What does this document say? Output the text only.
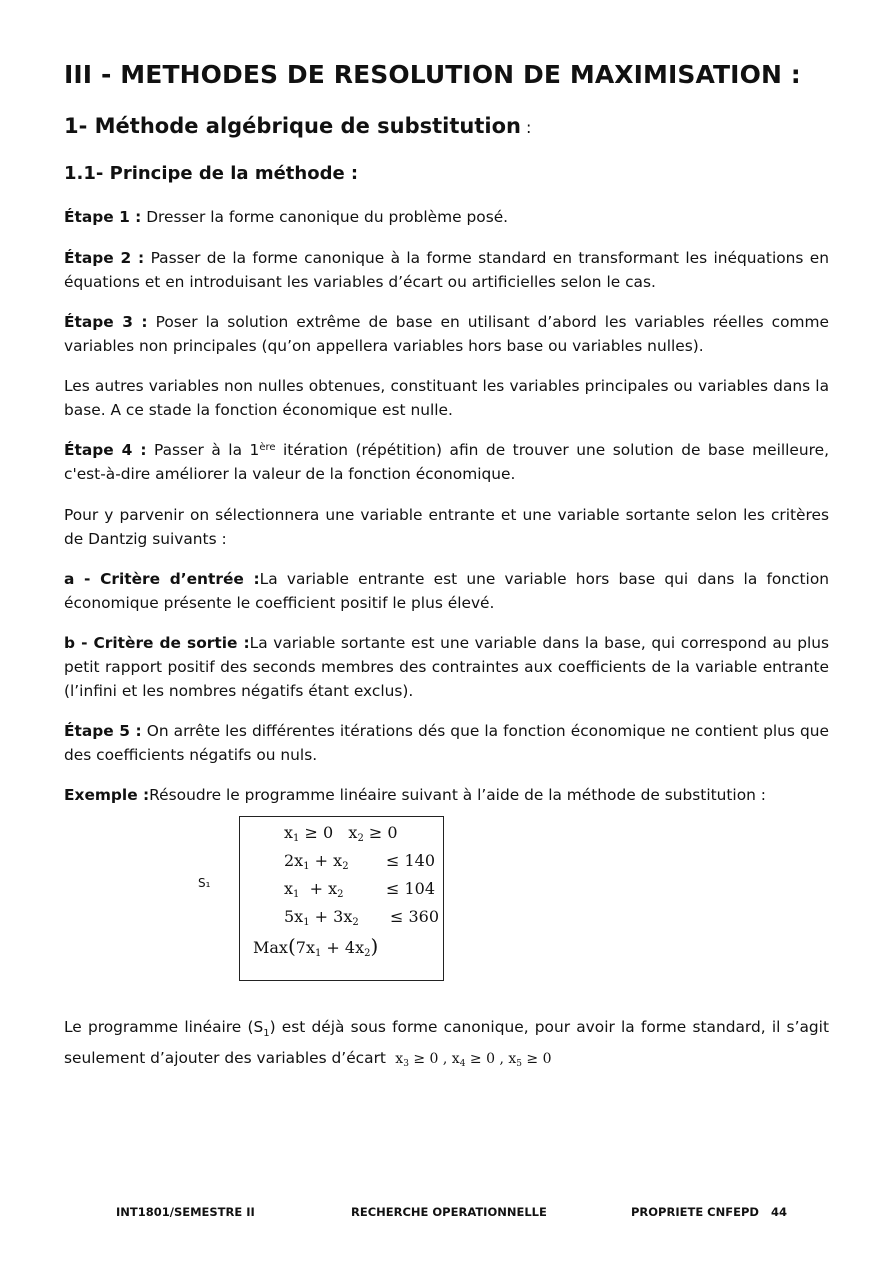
III - METHODES DE RESOLUTION DE MAXIMISATION :
1- Méthode algébrique de substitution :
1.1- Principe de la méthode :

Étape 1 : Dresser la forme canonique du problème posé.

Étape 2 : Passer de la forme canonique à la forme standard en transformant les inéquations en équations et en introduisant les variables d’écart ou artificielles selon le cas.

Étape 3 : Poser la solution extrême de base en utilisant d’abord les variables réelles comme variables non principales (qu’on appellera variables hors base ou variables nulles).

Les autres variables non nulles obtenues, constituant les variables principales ou variables dans la base. A ce stade la fonction économique est nulle.

Étape 4 : Passer à la 1ère itération (répétition) afin de trouver une solution de base meilleure, c'est-à-dire améliorer la valeur de la fonction économique.

Pour y parvenir on sélectionnera une variable entrante et une variable sortante selon les critères de Dantzig suivants :

a - Critère d’entrée :La variable entrante est une variable hors base qui dans la fonction économique présente le coefficient positif le plus élevé.

b - Critère de sortie :La variable sortante est une variable dans la base, qui correspond au plus petit rapport positif des seconds membres des contraintes aux coefficients de la variable entrante (l’infini et les nombres négatifs étant exclus).

Étape 5 : On arrête les différentes itérations dés que la fonction économique ne contient plus que des coefficients négatifs ou nuls.

Exemple :Résoudre le programme linéaire suivant à l’aide de la méthode de substitution :

S₁
$x_1 \ge 0$   $x_2 \ge 0$
$2x_1 + x_2 \le 140$
$x_1 + x_2$	≤ 104
$5x_1 + 3x_2 \le 360$
$Max(7x_1 + 4x_2)$

Le programme linéaire $(S_1)$ est déjà sous forme canonique, pour avoir la forme standard, il s’agit seulement d’ajouter des variables d’écart  $x_3 \ge 0$ , $x_4 \ge 0$ , $x_5 \ge 0$

INT1801/SEMESTRE II	RECHERCHE OPERATIONNELLE	PROPRIETE CNFEPD 44
